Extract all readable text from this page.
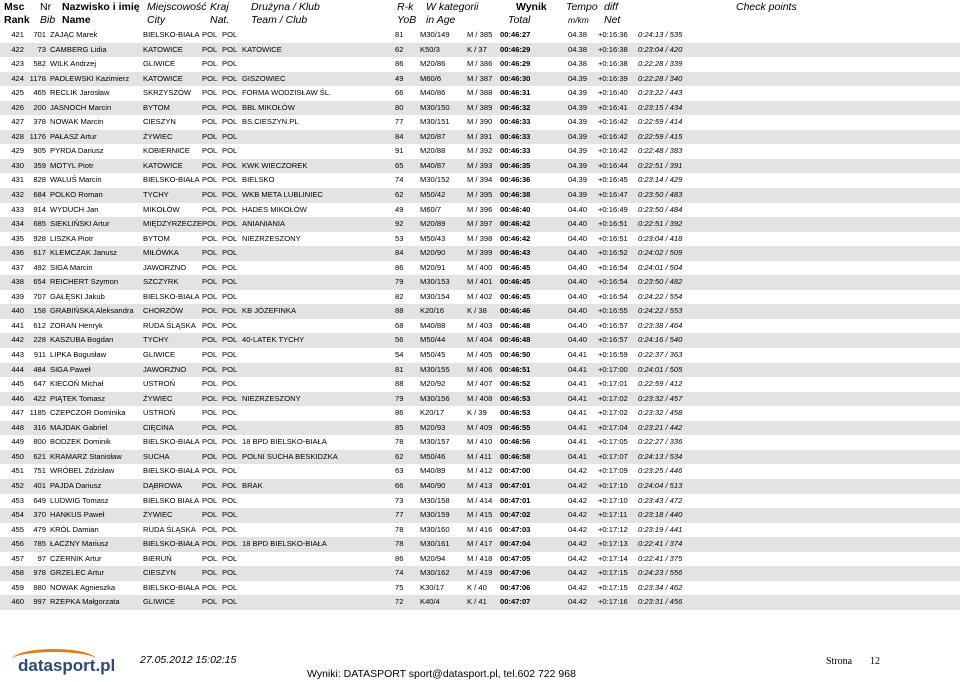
Msc
Rank
Nr
Bib
Nazwisko i imię
Name
Miejscowość
City
Kraj
Nat.
Drużyna / Klub
Team / Club
R-k
YoB
W kategorii
in Age
Wynik
Total
Tempo
m/km
diff
Net
Check points
421	701 ZAJĄC Marek	BIELSKO-BIAŁA POL POL	81 M30/149 M / 385 00:46:27	04.38 +0:16:36 0:24:13 / 535
422	73 CAMBERG Lidia	KATOWICE	POL POL KATOWICE	62 K50/3	K / 37 00:46:29	04.38 +0:16:38 0:23:04 / 420
423	582 WILK Andrzej	GLIWICE	POL POL	86 M20/86	M / 386 00:46:29	04.38 +0:16:38 0:22:28 / 339
424 1178 PADLEWSKI Kazimierz KATOWICE	POL POL GISZOWIEC	49 M60/6	M / 387 00:46:30	04.39 +0:16:39 0:22:28 / 340
425	465 RECLIK Jarosław	SKRZYSZÓW POL POL FORMA WODZISŁAW ŚL.	66 M40/86	M / 388 00:46:31	04.39 +0:16:40 0:23:22 / 443
426	200 JASNOCH Marcin	BYTOM	POL POL BBL MIKOŁÓW	80 M30/150 M / 389 00:46:32	04.39 +0:16:41 0:23:15 / 434
427	378 NOWAK Marcin	CIESZYN	POL POL BS.CIESZYN.PL	77 M30/151 M / 390 00:46:33	04.39 +0:16:42 0:22:59 / 414
428 1176 PAŁASZ Artur	ŻYWIEC	POL POL	84 M20/87	M / 391 00:46:33	04.39 +0:16:42 0:22:59 / 415
429	905 PYRDA Dariusz	KOBIERNICE POL POL	91 M20/88	M / 392 00:46:33	04.39 +0:16:42 0:22:48 / 383
430	359 MOTYL Piotr	KATOWICE	POL POL KWK WIECZOREK	65 M40/87	M / 393 00:46:35	04.39 +0:16:44 0:22:51 / 391
431	828 WALUŚ Marcin	BIELSKO-BIAŁA POL POL BIELSKO	74 M30/152 M / 394 00:46:36	04.39 +0:16:45 0:23:14 / 429
432	684 POLKO Roman	TYCHY	POL POL WKB META LUBLINIEC	62 M50/42	M / 395 00:46:38	04.39 +0:16:47 0:23:50 / 483
433	914 WYDUCH Jan	MIKOŁÓW	POL POL HADES MIKOŁÓW	49 M60/7	M / 396 00:46:40	04.40 +0:16:49 0:23:50 / 484
434	685 SIEKLIŃSKI Artur	MIĘDZYRZECZE POL POL ANIANIANIA	92 M20/89	M / 397 00:46:42	04.40 +0:16:51 0:22:51 / 392
435	928 LISZKA Piotr	BYTOM	POL POL NIEZRZESZONY	53 M50/43	M / 398 00:46:42	04.40 +0:16:51 0:23:04 / 418
436	617 KLEMCZAK Janusz	MIŁÓWKA	POL POL	84 M20/90	M / 399 00:46:43	04.40 +0:16:52 0:24:02 / 509
437	492 SIGA Marcin	JAWORZNO POL POL	86 M20/91	M / 400 00:46:45	04.40 +0:16:54 0:24:01 / 504
438	654 REICHERT Szymon	SZCZYRK	POL POL	79 M30/153 M / 401 00:46:45	04.40 +0:16:54 0:23:50 / 482
439	707 GAŁĘSKI Jakub	BIELSKO-BIAŁA POL POL	82 M30/154 M / 402 00:46:45	04.40 +0:16:54 0:24:22 / 554
440	158 GRABIŃSKA Aleksandra CHORZÓW POL POL KB JÓZEFINKA	88 K20/16	K / 38 00:46:46	04.40 +0:16:55 0:24:22 / 553
441	612 ZORAN Henryk	RUDA ŚLĄSKA POL POL	68 M40/88	M / 403 00:46:48	04.40 +0:16:57 0:23:38 / 464
442	228 KASZUBA Bogdan	TYCHY	POL POL 40-LATEK TYCHY	56 M50/44	M / 404 00:46:48	04.40 +0:16:57 0:24:16 / 540
443	911 LIPKA Bogusław	GLIWICE	POL POL	54 M50/45	M / 405 00:46:50	04.41 +0:16:59 0:22:37 / 363
444	484 SIGA Paweł	JAWORZNO POL POL	81 M30/155 M / 406 00:46:51	04.41 +0:17:00 0:24:01 / 505
445	647 KIECOŃ Michał	USTROŃ	POL POL	88 M20/92	M / 407 00:46:52	04.41 +0:17:01 0:22:59 / 412
446	422 PIĄTEK Tomasz	ŻYWIEC	POL POL NIEZRZESZONY	79 M30/156 M / 408 00:46:53	04.41 +0:17:02 0:23:32 / 457
447 1185 CZEPCZOR Dominika USTROŃ	POL POL	86 K20/17	K / 39 00:46:53	04.41 +0:17:02 0:23:32 / 458
448	316 MAJDAK Gabriel	CIĘCINA	POL POL	85 M20/93	M / 409 00:46:55	04.41 +0:17:04 0:23:21 / 442
449	800 BODZEK Dominik	BIELSKO-BIAŁA POL POL 18 BPD BIELSKO-BIAŁA	78 M30/157 M / 410 00:46:56	04.41 +0:17:05 0:22:27 / 336
450	621 KRAMARZ Stanisław	SUCHA	POL POL POLNI SUCHA BESKIDZKA	62 M50/46	M / 411 00:46:58	04.41 +0:17:07 0:24:13 / 534
451	751 WRÓBEL Zdzisław	BIELSKO-BIAŁA POL POL	63 M40/89	M / 412 00:47:00	04.42 +0:17:09 0:23:25 / 446
452	401 PAJDA Dariusz	DĄBROWA	POL POL BRAK	66 M40/90	M / 413 00:47:01	04.42 +0:17:10 0:24:04 / 513
453	649 LUDWIG Tomasz	BIELSKO BIAŁA POL POL	73 M30/158 M / 414 00:47:01	04.42 +0:17:10 0:23:43 / 472
454	370 HANKUS Paweł	ŻYWIEC	POL POL	77 M30/159 M / 415 00:47:02	04.42 +0:17:11 0:23:18 / 440
455	479 KRÓL Damian	RUDA ŚLĄSKA POL POL	78 M30/160 M / 416 00:47:03	04.42 +0:17:12 0:23:19 / 441
456	785 ŁACZNY Mariusz	BIELSKO-BIAŁA POL POL 18 BPD BIELSKO-BIAŁA	78 M30/161 M / 417 00:47:04	04.42 +0:17:13 0:22:41 / 374
457	97 CZERNIK Artur	BIERUŃ	POL POL	86 M20/94	M / 418 00:47:05	04.42 +0:17:14 0:22:41 / 375
458	978 GRZELEC Artur	CIESZYN	POL POL	74 M30/162 M / 419 00:47:06	04.42 +0:17:15 0:24:23 / 556
459	880 NOWAK Agnieszka	BIELSKO-BIAŁA POL POL	75 K30/17	K / 40 00:47:06	04.42 +0:17:15 0:23:34 / 462
460	997 RZEPKA Małgorzata	GLIWICE	POL POL	72 K40/4	K / 41 00:47:07	04.42 +0:17:16 0:23:31 / 456
datasport.pl 27.05.2012 15:02:15
Wyniki: DATASPORT sport@datasport.pl, tel.602 722 968
Strona 12
